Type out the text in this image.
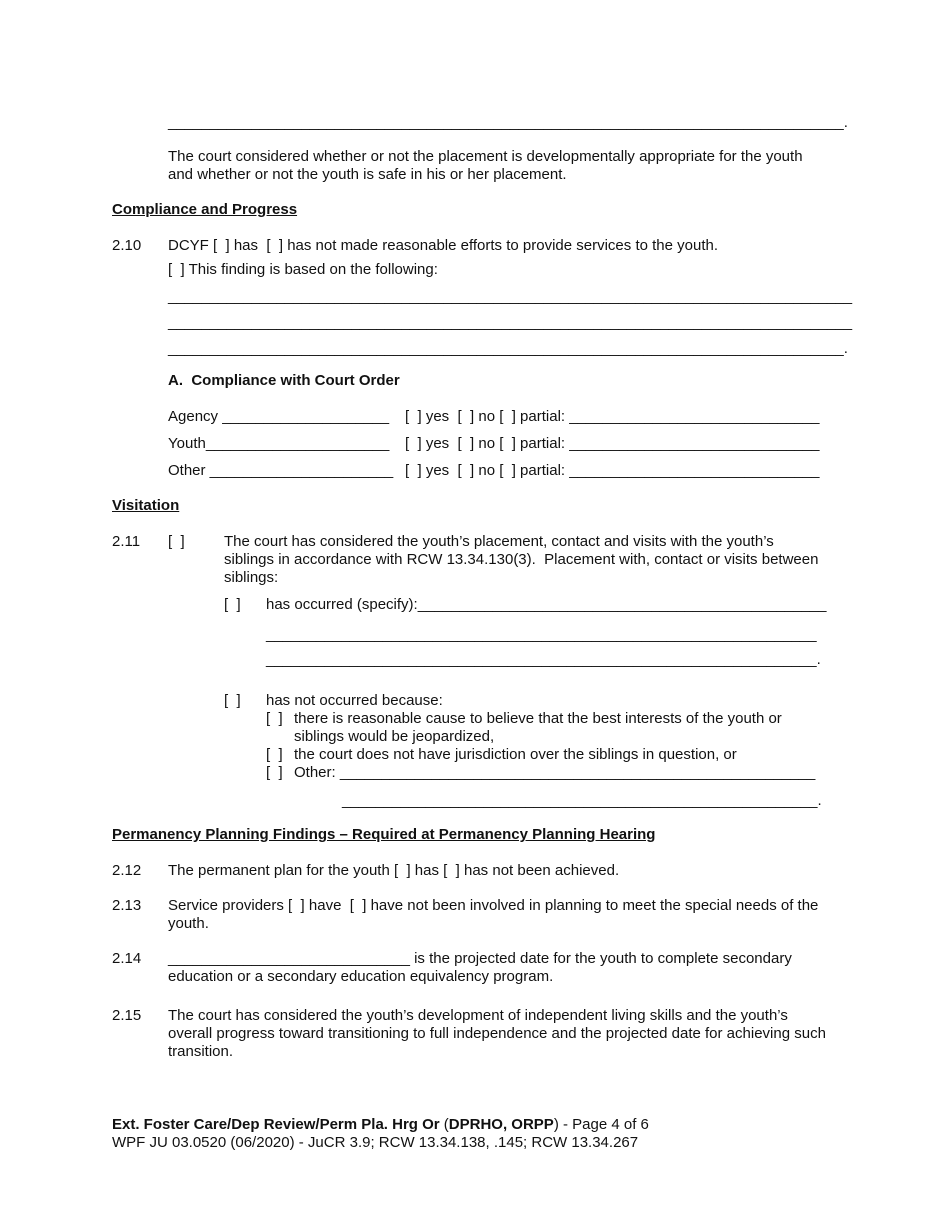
_________________________________________________________________________________.
The court considered whether or not the placement is developmentally appropriate for the youth
and whether or not the youth is safe in his or her placement.
Compliance and Progress
2.10 DCYF [  ] has  [  ] has not made reasonable efforts to provide services to the youth.
[  ] This finding is based on the following:
__________________________________________________________________________________
__________________________________________________________________________________
_________________________________________________________________________________.
A.  Compliance with Court Order
Agency ____________________ [  ] yes  [  ] no [  ] partial: ______________________________
Youth______________________ [  ] yes  [  ] no [  ] partial: ______________________________
Other ______________________ [  ] yes  [  ] no [  ] partial: ______________________________
Visitation
2.11 [  ]	The court has considered the youth’s placement, contact and visits with the youth’s
siblings in accordance with RCW 13.34.130(3).  Placement with, contact or visits between
siblings:
[  ] has occurred (specify):_________________________________________________
__________________________________________________________________
__________________________________________________________________.
[  ] has not occurred because:
[  ] there is reasonable cause to believe that the best interests of the youth or
siblings would be jeopardized,
[  ] the court does not have jurisdiction over the siblings in question, or
[  ] Other: _________________________________________________________
_________________________________________________________.
Permanency Planning Findings – Required at Permanency Planning Hearing
2.12 The permanent plan for the youth [  ] has [  ] has not been achieved.
2.13 Service providers [  ] have  [  ] have not been involved in planning to meet the special needs of the
youth.
2.14 _____________________________ is the projected date for the youth to complete secondary
education or a secondary education equivalency program.
2.15 The court has considered the youth’s development of independent living skills and the youth’s
overall progress toward transitioning to full independence and the projected date for achieving such
transition.
Ext. Foster Care/Dep Review/Perm Pla. Hrg Or (DPRHO, ORPP) - Page 4 of 6
WPF JU 03.0520 (06/2020) - JuCR 3.9; RCW 13.34.138, .145; RCW 13.34.267
